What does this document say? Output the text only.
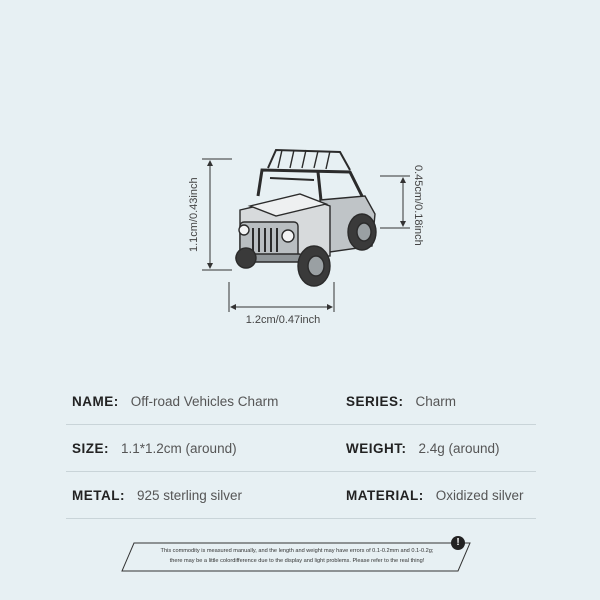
1.1cm/0.43inch	0.45cm/0.18inch
1.2cm/0.47inch
NAME: Off-road Vehicles Charm	SERIES: Charm
SIZE: 1.1*1.2cm (around)	WEIGHT: 2.4g (around)
METAL: 925 sterling silver	MATERIAL: Oxidized silver
!
This commodity is measured manually, and the length and weight may have errors of 0.1-0.2mm and 0.1-0.2g;
there may be a little colordifference due to the display and light problems. Please refer to the real thing!
